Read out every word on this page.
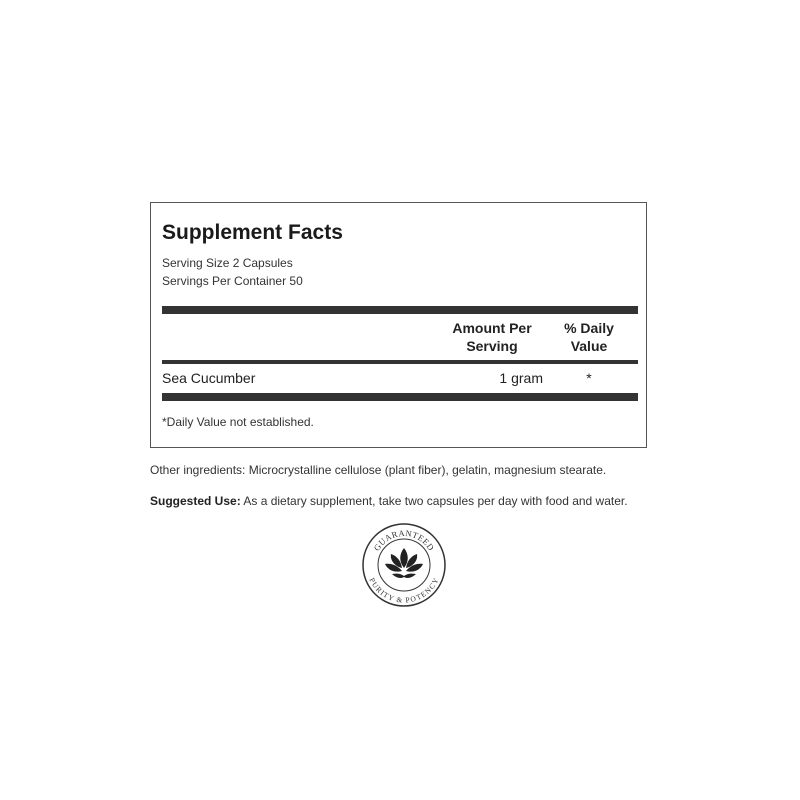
Supplement Facts
Serving Size 2 Capsules
Servings Per Container 50
Amount Per
Serving
% Daily
Value
Sea Cucumber	1 gram	*
*Daily Value not established.
Other ingredients: Microcrystalline cellulose (plant fiber), gelatin, magnesium stearate.
Suggested Use: As a dietary supplement, take two capsules per day with food and water.
GUARANTEED
PURITY & POTENCY
